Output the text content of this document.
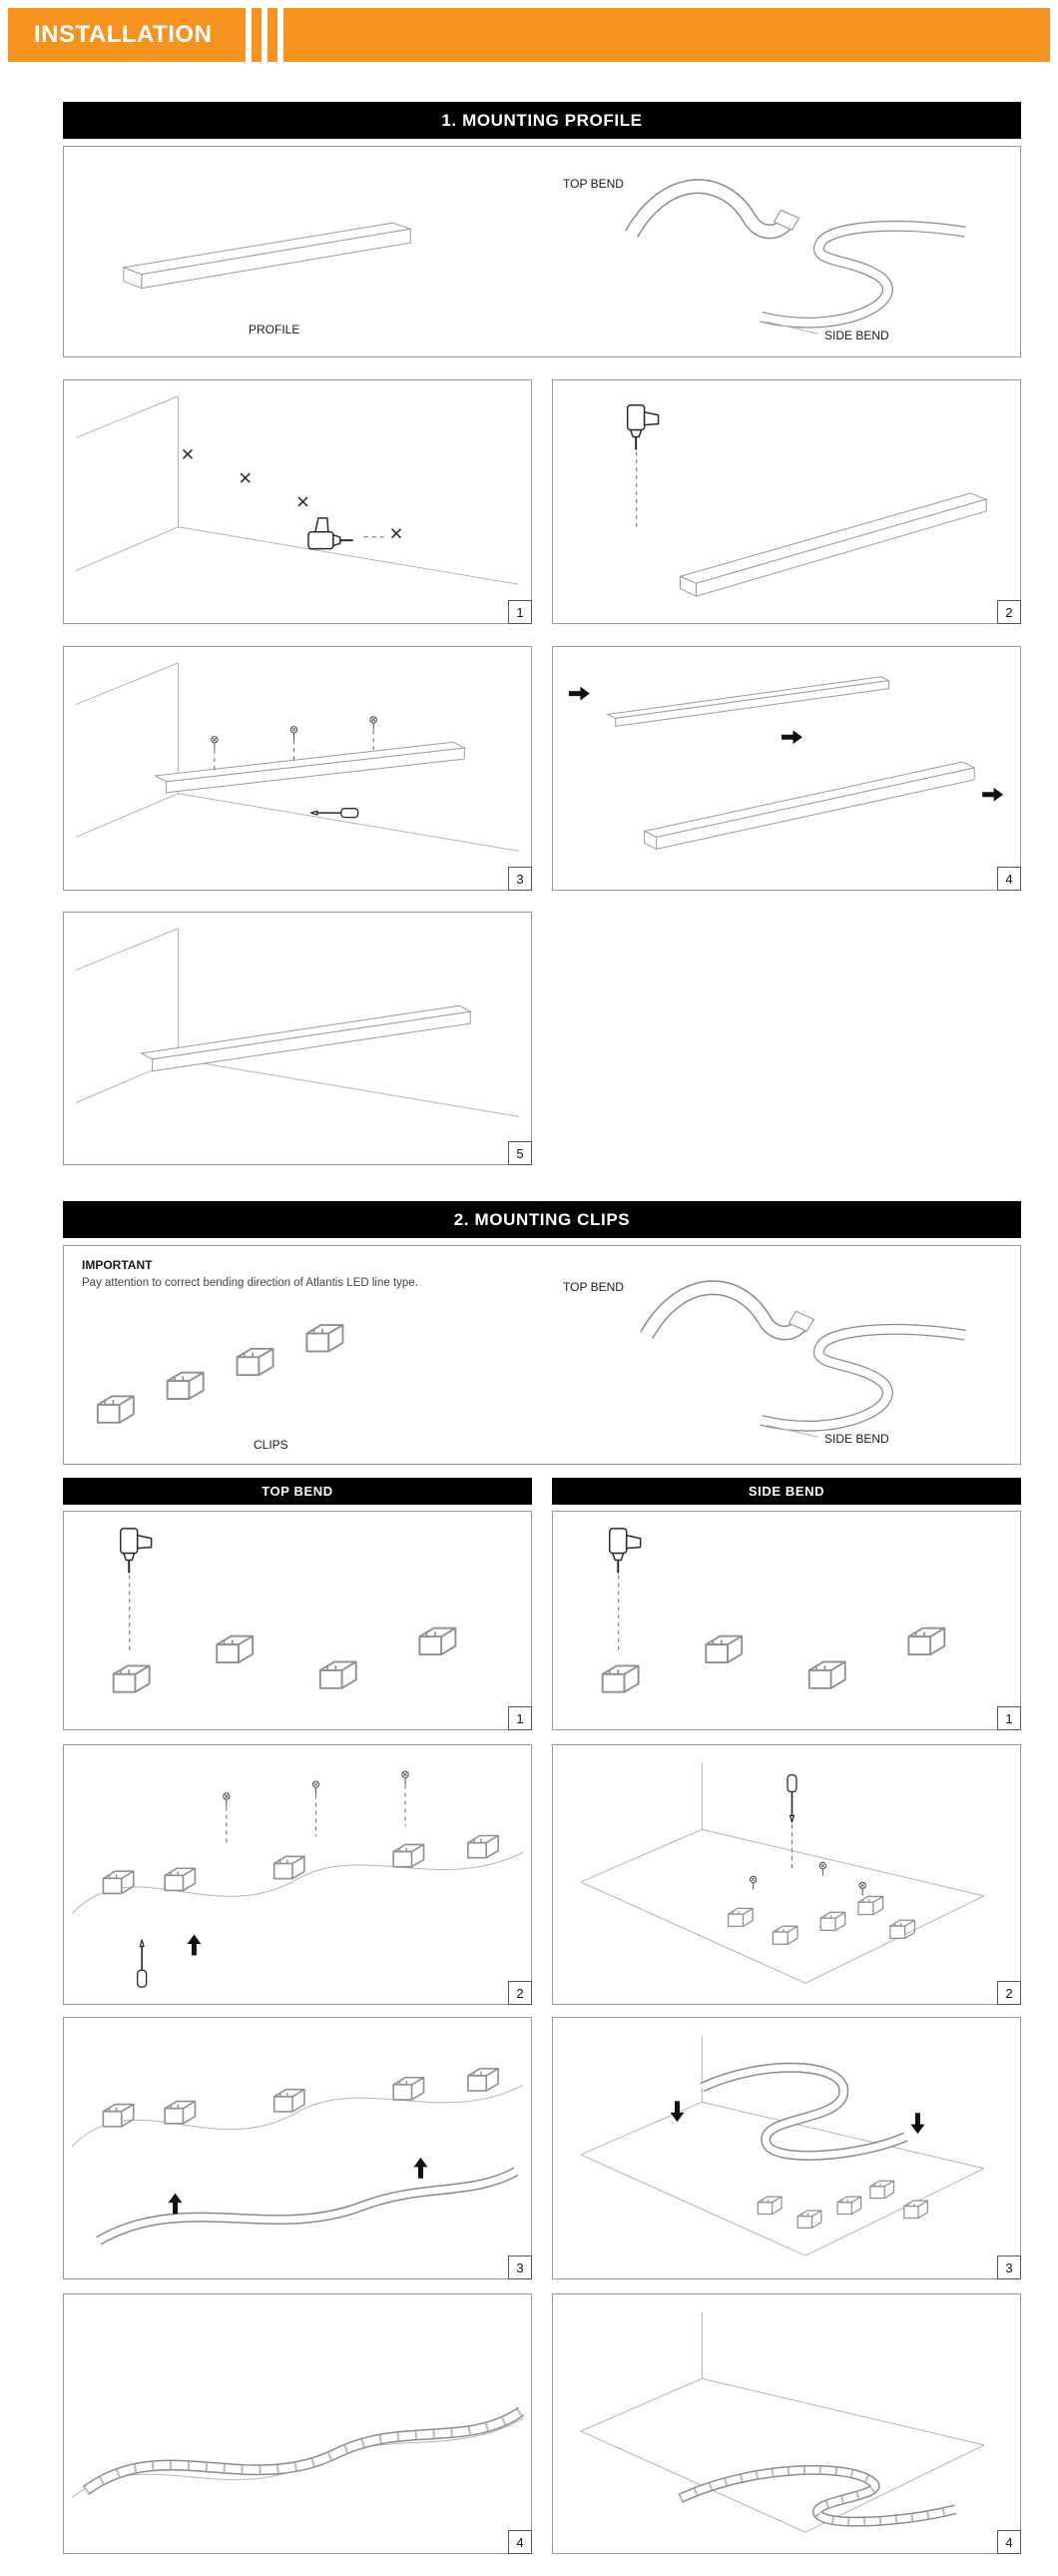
INSTALLATION
1. MOUNTING PROFILE
PROFILE
TOP BEND
SIDE BEND
1	2
3	4
5
2. MOUNTING CLIPS
IMPORTANT
Pay attention to correct bending direction of Atlantis LED line type.
CLIPS
TOP BEND
SIDE BEND
TOP BEND	SIDE BEND
1	1
2	2
3	3
4	4
